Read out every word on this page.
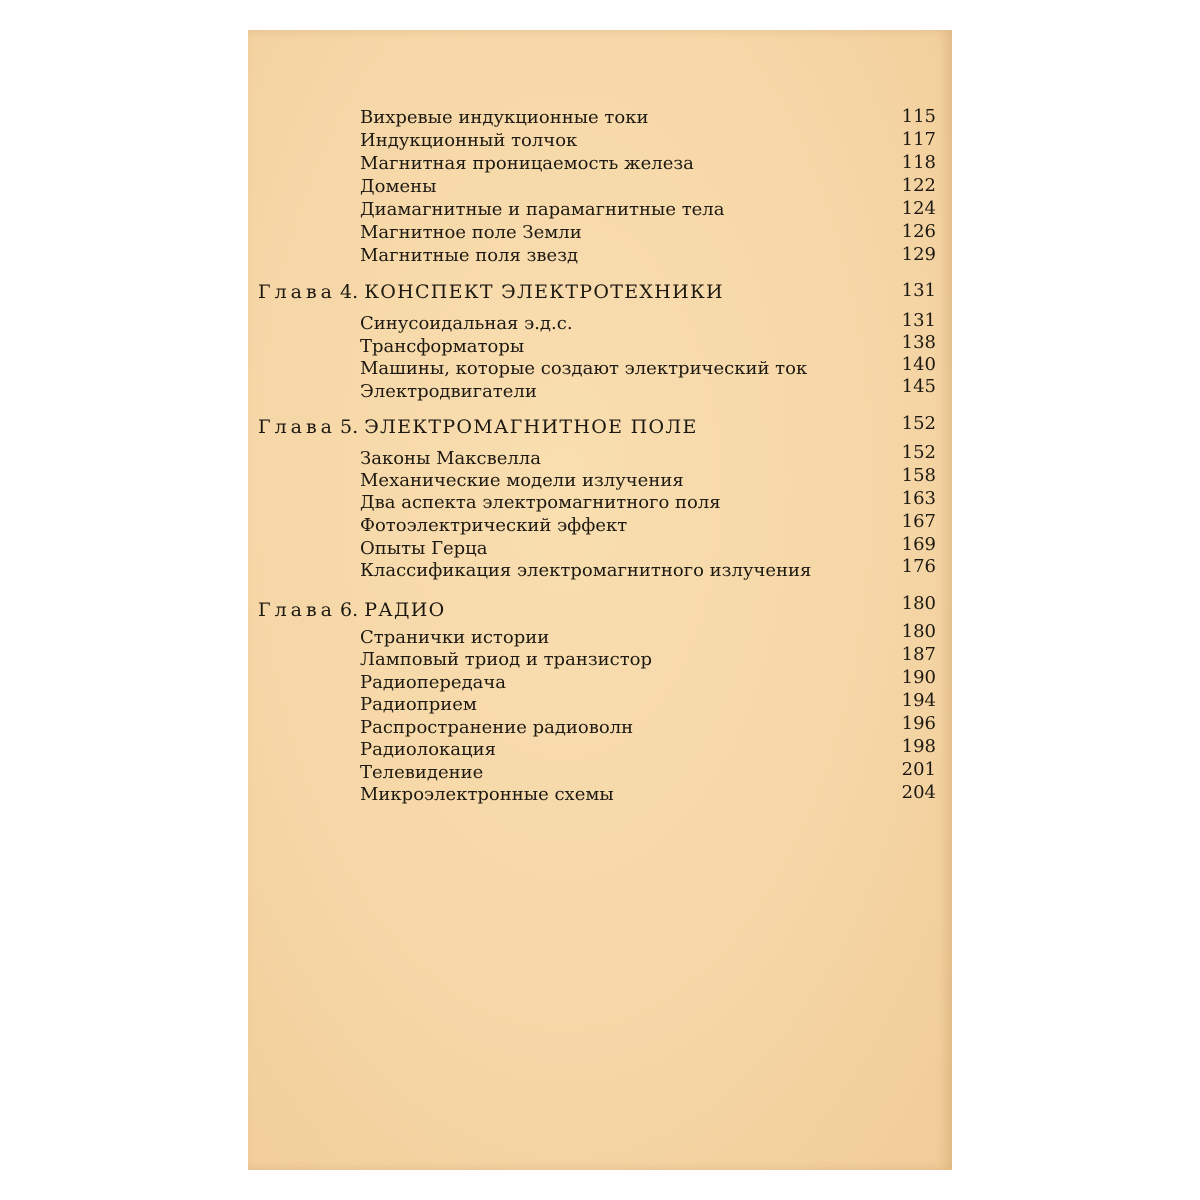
Вихревые индукционные токи	115
Индукционный толчок	117
Магнитная проницаемость железа	118
Домены	122
Диамагнитные и парамагнитные тела	124
Магнитное поле Земли	126
Магнитные поля звезд	129
Глава 4. КОНСПЕКТ ЭЛЕКТРОТЕХНИКИ	131
Синусоидальная э.д.с.	131
Трансформаторы	138
Машины, которые создают электрический ток	140
Электродвигатели	145
Глава 5. ЭЛЕКТРОМАГНИТНОЕ ПОЛЕ	152
Законы Максвелла	152
Механические модели излучения	158
Два аспекта электромагнитного поля	163
Фотоэлектрический эффект	167
Опыты Герца	169
Классификация электромагнитного излучения	176
Глава 6. РАДИО	180
Странички истории	180
Ламповый триод и транзистор	187
Радиопередача	190
Радиоприем	194
Распространение радиоволн	196
Радиолокация	198
Телевидение	201
Микроэлектронные схемы	204
